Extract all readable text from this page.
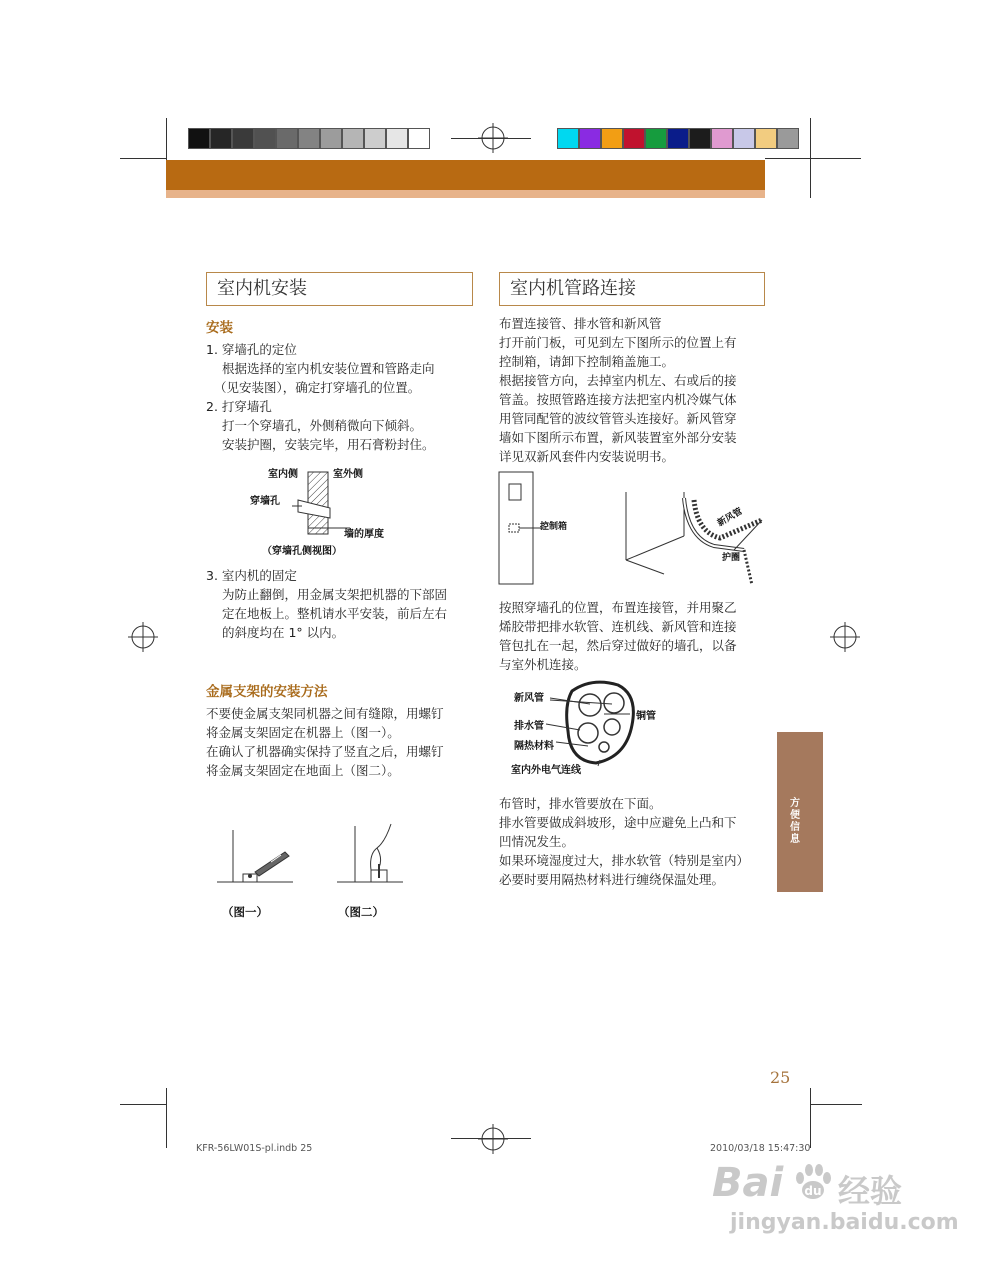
室内机安装
安装
1. 穿墙孔的定位
根据选择的室内机安装位置和管路走向
（见安装图），确定打穿墙孔的位置。
2. 打穿墙孔
打一个穿墙孔，外侧稍微向下倾斜。
安装护圈，安装完毕，用石膏粉封住。
室内侧	室外侧
穿墙孔
墙的厚度
（穿墙孔侧视图）
3. 室内机的固定
为防止翻倒，用金属支架把机器的下部固
定在地板上。整机请水平安装，前后左右
的斜度均在 1° 以内。
金属支架的安装方法
不要使金属支架同机器之间有缝隙，用螺钉
将金属支架固定在机器上（图一）。
在确认了机器确实保持了竖直之后，用螺钉
将金属支架固定在地面上（图二）。
（图一）	（图二）
室内机管路连接
布置连接管、排水管和新风管
打开前门板，可见到左下图所示的位置上有
控制箱，请卸下控制箱盖施工。
根据接管方向，去掉室内机左、右或后的接
管盖。按照管路连接方法把室内机冷媒气体
用管同配管的波纹管管头连接好。新风管穿
墙如下图所示布置，新风装置室外部分安装
详见双新风套件内安装说明书。
控制箱	新风管
护圈
按照穿墙孔的位置，布置连接管，并用聚乙
烯胶带把排水软管、连机线、新风管和连接
管包扎在一起，然后穿过做好的墙孔，以备
与室外机连接。
新风管
铜管
排水管
隔热材料
室内外电气连线
布管时，排水管要放在下面。
排水管要做成斜坡形，途中应避免上凸和下
凹情况发生。
如果环境湿度过大，排水软管（特别是室内）
必要时要用隔热材料进行缠绕保温处理。
方
便
信
息
25
KFR-56LW01S-pl.indb 25	2010/03/18 15:47:30
Bai du 经验
jingyan.baidu.com
